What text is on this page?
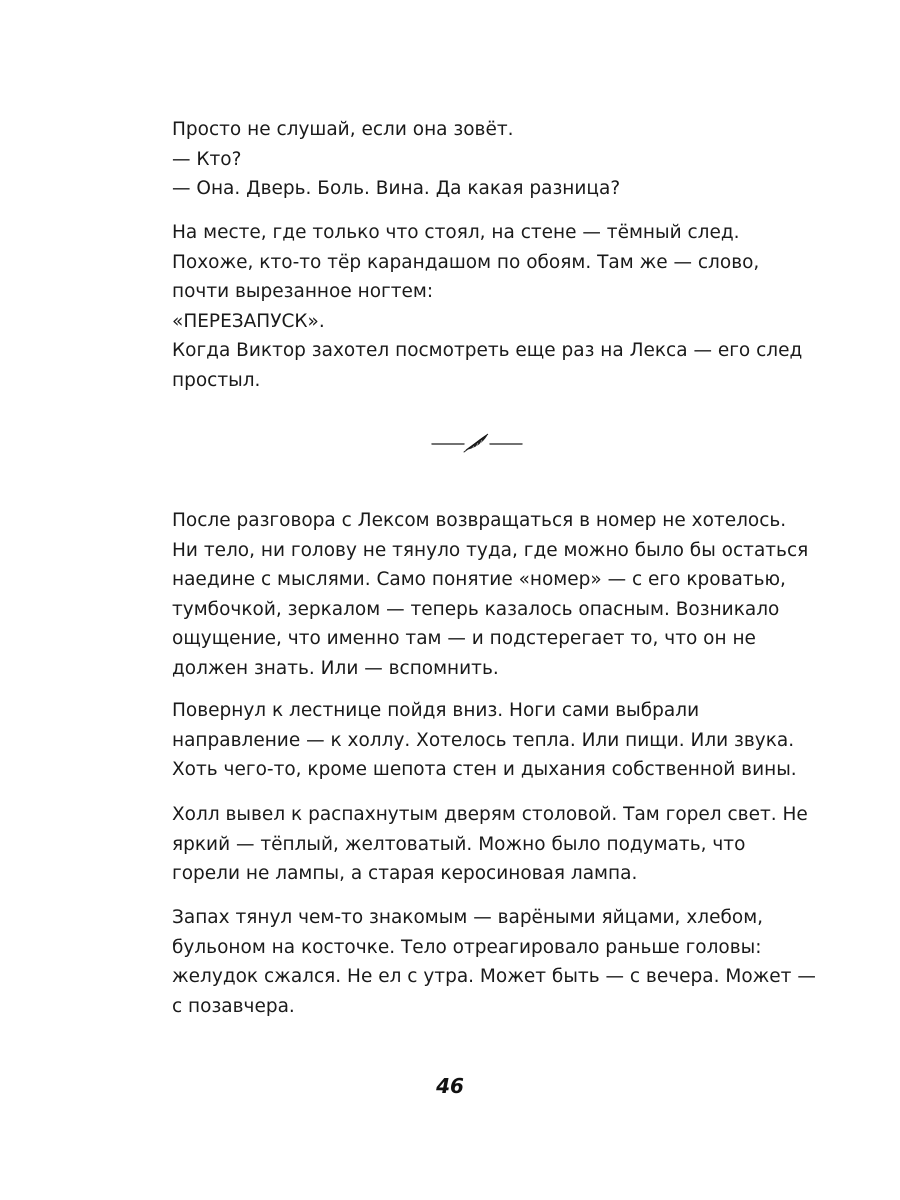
Просто не слушай, если она зовёт.
— Кто?
— Она. Дверь. Боль. Вина. Да какая разница?
На месте, где только что стоял, на стене — тёмный след.
Похоже, кто-то тёр карандашом по обоям. Там же — слово,
почти вырезанное ногтем:
«ПЕРЕЗАПУСК».
Когда Виктор захотел посмотреть еще раз на Лекса — его след
простыл.
После разговора с Лексом возвращаться в номер не хотелось.
Ни тело, ни голову не тянуло туда, где можно было бы остаться
наедине с мыслями. Само понятие «номер» — с его кроватью,
тумбочкой, зеркалом — теперь казалось опасным. Возникало
ощущение, что именно там — и подстерегает то, что он не
должен знать. Или — вспомнить.
Повернул к лестнице пойдя вниз. Ноги сами выбрали
направление — к холлу. Хотелось тепла. Или пищи. Или звука.
Хоть чего-то, кроме шепота стен и дыхания собственной вины.
Холл вывел к распахнутым дверям столовой. Там горел свет. Не
яркий — тёплый, желтоватый. Можно было подумать, что
горели не лампы, а старая керосиновая лампа.
Запах тянул чем-то знакомым — варёными яйцами, хлебом,
бульоном на косточке. Тело отреагировало раньше головы:
желудок сжался. Не ел с утра. Может быть — с вечера. Может —
с позавчера.
46
